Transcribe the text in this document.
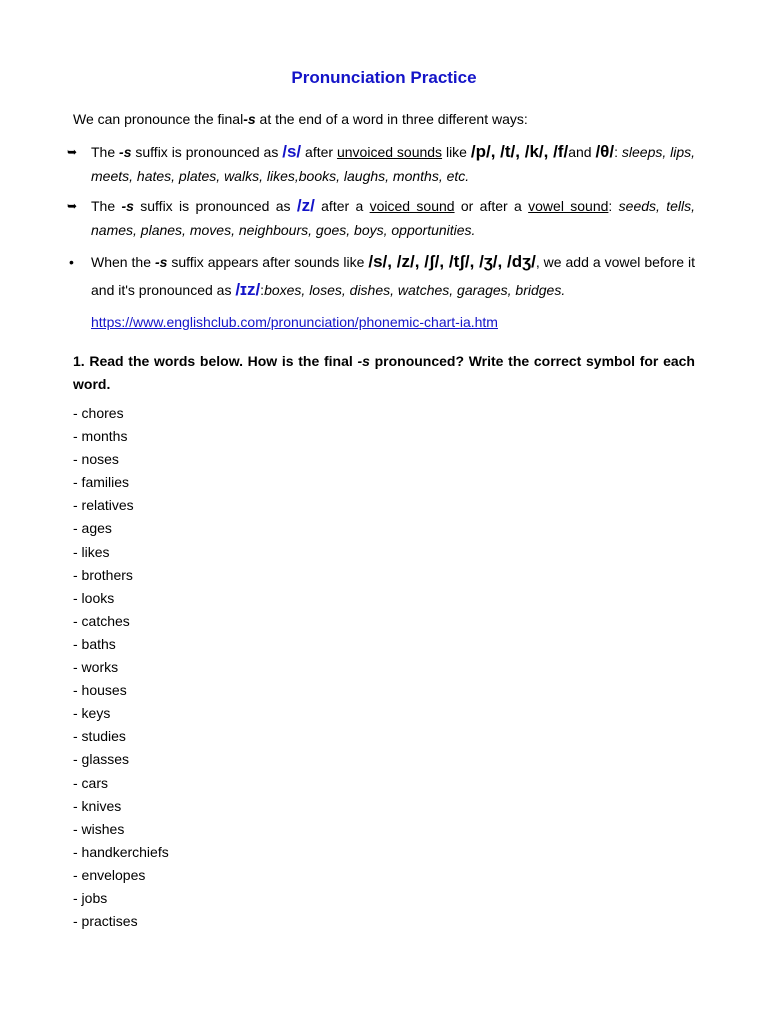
Pronunciation Practice

We can pronounce the final-s at the end of a word in three different ways:

➥ The -s suffix is pronounced as /s/ after unvoiced sounds like /p/, /t/, /k/, /f/and /θ/: sleeps, lips, meets, hates, plates, walks, likes,books, laughs, months, etc.
➥ The -s suffix is pronounced as /z/ after a voiced sound or after a vowel sound: seeds, tells, names, planes, moves, neighbours, goes, boys, opportunities.
• When the -s suffix appears after sounds like /s/, /z/, /ʃ/, /tʃ/, /ʒ/, /dʒ/, we add a vowel before it and it's pronounced as /ɪz/:boxes, loses, dishes, watches, garages, bridges.
https://www.englishclub.com/pronunciation/phonemic-chart-ia.htm

1. Read the words below. How is the final -s pronounced? Write the correct symbol for each word.

- chores
- months
- noses
- families
- relatives
- ages
- likes
- brothers
- looks
- catches
- baths
- works
- houses
- keys
- studies
- glasses
- cars
- knives
- wishes
- handkerchiefs
- envelopes
- jobs
- practises
